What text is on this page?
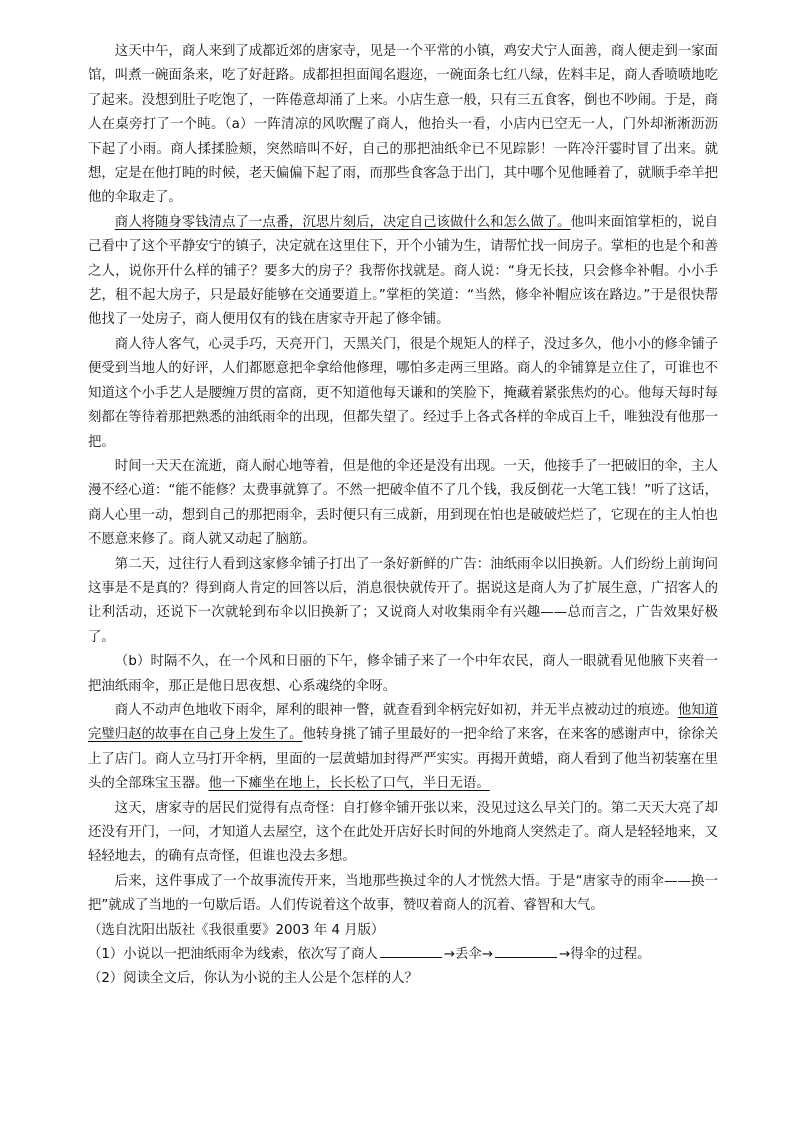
这天中午，商人来到了成都近郊的唐家寺，见是一个平常的小镇，鸡安犬宁人面善，商人便走到一家面馆，叫煮一碗面条来，吃了好赶路。成都担担面闻名遐迩，一碗面条七红八绿，佐料丰足，商人香喷喷地吃了起来。没想到肚子吃饱了，一阵倦意却涌了上来。小店生意一般，只有三五食客，倒也不吵闹。于是，商人在桌旁打了一个盹。（a）一阵清凉的风吹醒了商人，他抬头一看，小店内已空无一人，门外却淅淅沥沥下起了小雨。商人揉揉脸颊，突然暗叫不好，自己的那把油纸伞已不见踪影！一阵冷汗霎时冒了出来。就想，定是在他打盹的时候，老天偏偏下起了雨，而那些食客急于出门，其中哪个见他睡着了，就顺手牵羊把他的伞取走了。

商人将随身零钱清点了一点番，沉思片刻后，决定自己该做什么和怎么做了。他叫来面馆掌柜的，说自己看中了这个平静安宁的镇子，决定就在这里住下，开个小铺为生，请帮忙找一间房子。掌柜的也是个和善之人，说你开什么样的铺子？要多大的房子？我帮你找就是。商人说：“身无长技，只会修伞补帽。小小手艺，租不起大房子，只是最好能够在交通要道上。”掌柜的笑道：“当然，修伞补帽应该在路边。”于是很快帮他找了一处房子，商人便用仅有的钱在唐家寺开起了修伞铺。

商人待人客气，心灵手巧，天亮开门，天黑关门，很是个规矩人的样子，没过多久，他小小的修伞铺子便受到当地人的好评，人们都愿意把伞拿给他修理，哪怕多走两三里路。商人的伞铺算是立住了，可谁也不知道这个小手艺人是腰缠万贯的富商，更不知道他每天谦和的笑脸下，掩藏着紧张焦灼的心。他每天每时每刻都在等待着那把熟悉的油纸雨伞的出现，但都失望了。经过手上各式各样的伞成百上千，唯独没有他那一把。

时间一天天在流逝，商人耐心地等着，但是他的伞还是没有出现。一天，他接手了一把破旧的伞，主人漫不经心道：“能不能修？太费事就算了。不然一把破伞值不了几个钱，我反倒花一大笔工钱！”听了这话，商人心里一动，想到自己的那把雨伞，丢时便只有三成新，用到现在怕也是破破烂烂了，它现在的主人怕也不愿意来修了。商人就又动起了脑筋。

第二天，过往行人看到这家修伞铺子打出了一条好新鲜的广告：油纸雨伞以旧换新。人们纷纷上前询问这事是不是真的？得到商人肯定的回答以后，消息很快就传开了。据说这是商人为了扩展生意，广招客人的让利活动，还说下一次就轮到布伞以旧换新了；又说商人对收集雨伞有兴趣——总而言之，广告效果好极了。

（b）时隔不久，在一个风和日丽的下午，修伞铺子来了一个中年农民，商人一眼就看见他腋下夹着一把油纸雨伞，那正是他日思夜想、心系魂绕的伞呀。

商人不动声色地收下雨伞，犀利的眼神一瞥，就查看到伞柄完好如初，并无半点被动过的痕迹。他知道完璧归赵的故事在自己身上发生了。他转身挑了铺子里最好的一把伞给了来客，在来客的感谢声中，徐徐关上了店门。商人立马打开伞柄，里面的一层黄蜡加封得严严实实。再揭开黄蜡，商人看到了他当初装塞在里头的全部珠宝玉器。他一下瘫坐在地上，长长松了口气，半日无语。

这天，唐家寺的居民们觉得有点奇怪：自打修伞铺开张以来，没见过这么早关门的。第二天天大亮了却还没有开门，一问，才知道人去屋空，这个在此处开店好长时间的外地商人突然走了。商人是轻轻地来，又轻轻地去，的确有点奇怪，但谁也没去多想。

后来，这件事成了一个故事流传开来，当地那些换过伞的人才恍然大悟。于是“唐家寺的雨伞——换一把”就成了当地的一句歇后语。人们传说着这个故事，赞叹着商人的沉着、睿智和大气。

（选自沈阳出版社《我很重要》2003 年 4 月版）

（1）小说以一把油纸雨伞为线索，依次写了商人	→丢伞→	→得伞的过程。

（2）阅读全文后，你认为小说的主人公是个怎样的人？
